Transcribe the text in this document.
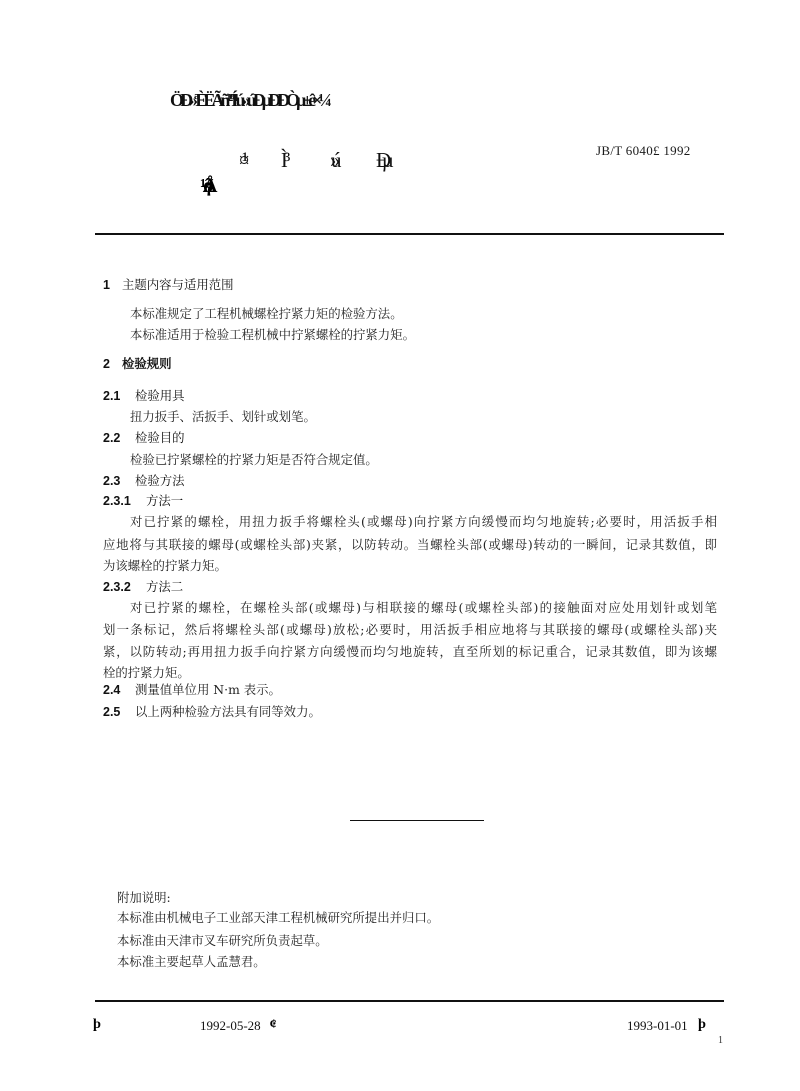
ÖÐ»ªÈËÃñ¹²ºÍ¹ú»úÐµÐÐÒµ±ê×¼
»ú Ðµ	JB/T 6040£ 1992
1 主题内容与适用范围
本标准规定了工程机械螺栓拧紧力矩的检验方法。
本标准适用于检验工程机械中拧紧螺栓的拧紧力矩。
2 检验规则
2.1 检验用具
扭力扳手、活扳手、划针或划笔。
2.2 检验目的
检验已拧紧螺栓的拧紧力矩是否符合规定值。
2.3 检验方法
2.3.1 方法一
对已拧紧的螺栓，用扭力扳手将螺栓头(或螺母)向拧紧方向缓慢而均匀地旋转;必要时，用活扳手相
应地将与其联接的螺母(或螺栓头部)夹紧，以防转动。当螺栓头部(或螺母)转动的一瞬间，记录其数值，即
为该螺栓的拧紧力矩。
2.3.2 方法二
对已拧紧的螺栓，在螺栓头部(或螺母)与相联接的螺母(或螺栓头部)的接触面对应处用划针或划笔
划一条标记，然后将螺栓头部(或螺母)放松;必要时，用活扳手相应地将与其联接的螺母(或螺栓头部)夹
紧，以防转动;再用扭力扳手向拧紧方向缓慢而均匀地旋转，直至所划的标记重合，记录其数值，即为该螺
栓的拧紧力矩。
2.4 测量值单位用 N·m 表示。
2.5 以上两种检验方法具有同等效力。
附加说明:
本标准由机械电子工业部天津工程机械研究所提出并归口。
本标准由天津市叉车研究所负责起草。
本标准主要起草人孟慧君。
þ	1992-05-28	1993-01-01 þ
1
